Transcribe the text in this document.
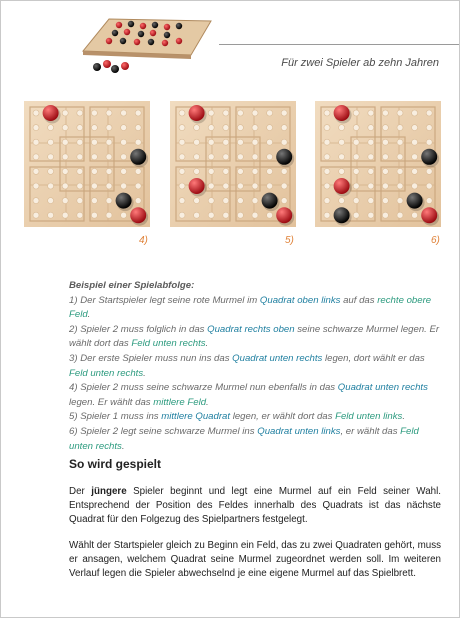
Für zwei Spieler ab zehn Jahren
4)	5)	6)
Beispiel einer Spielabfolge:
1) Der Startspieler legt seine rote Murmel im Quadrat oben links auf das rechte obere Feld.
2) Spieler 2 muss folglich in das Quadrat rechts oben seine schwarze Murmel legen. Er wählt dort das Feld unten rechts.
3) Der erste Spieler muss nun ins das Quadrat unten rechts legen, dort wählt er das Feld unten rechts.
4) Spieler 2 muss seine schwarze Murmel nun ebenfalls in das Quadrat unten rechts legen. Er wählt das mittlere Feld.
5) Spieler 1 muss ins mittlere Quadrat legen, er wählt dort das Feld unten links.
6) Spieler 2 legt seine schwarze Murmel ins Quadrat unten links, er wählt das Feld unten rechts.
So wird gespielt
Der jüngere Spieler beginnt und legt eine Murmel auf ein Feld seiner Wahl. Entsprechend der Position des Feldes innerhalb des Quadrats ist das nächste Quadrat für den Folgezug des Spielpartners festgelegt.
Wählt der Startspieler gleich zu Beginn ein Feld, das zu zwei Quadraten gehört, muss er ansagen, welchem Quadrat seine Murmel zugeordnet werden soll. Im weiteren Verlauf legen die Spieler abwechselnd je eine eigene Murmel auf das Spielbrett.
